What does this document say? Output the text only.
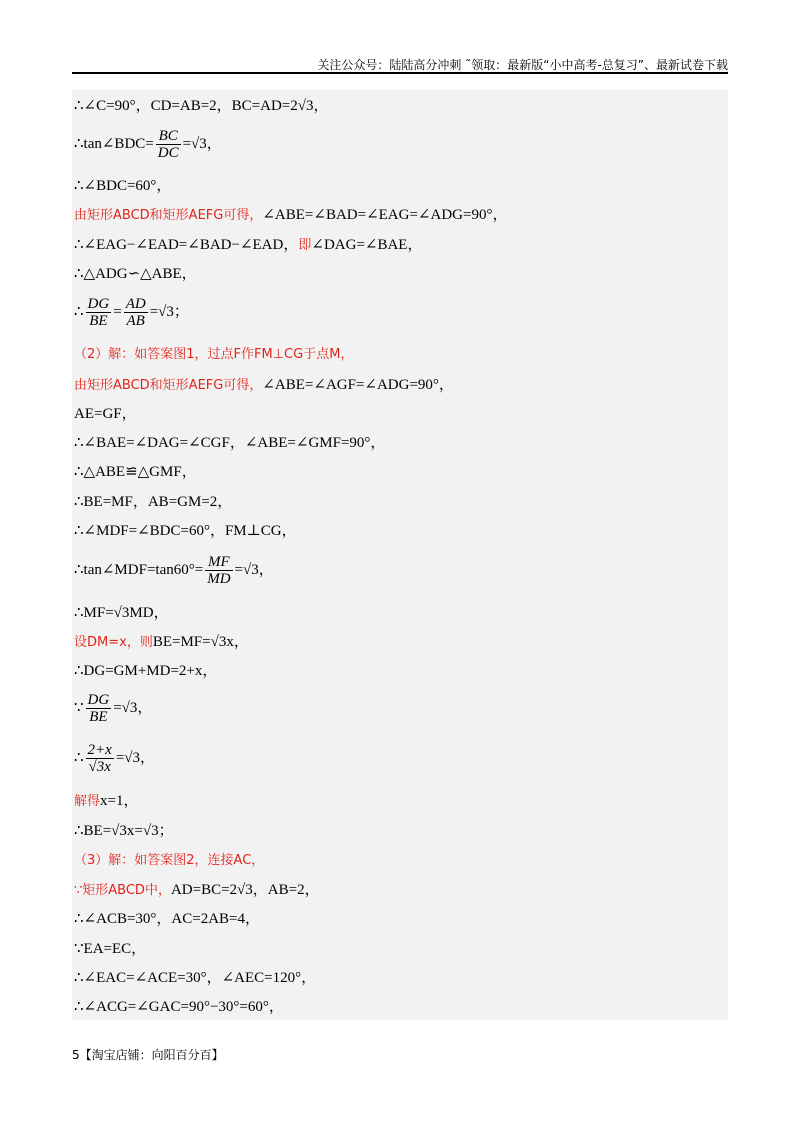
关注公众号：陆陆高分冲刺 ˜领取：最新版“小中高考-总复习”、最新试卷下载
∴∠C=90°，CD=AB=2，BC=AD=2√3，
∴tan∠BDC= $\frac{BC}{DC} =√3$，
∴∠BDC=60°，
由矩形ABCD和矩形AEFG可得，∠ABE=∠BAD=∠EAG=∠ADG=90°，
∴∠EAG−∠EAD=∠BAD−∠EAD，即∠DAG=∠BAE，
∴△ADG∽△ABE，
∴ $\frac{DG}{BE} = \frac{AD}{AB} =√3$；
（2）解：如答案图1，过点F作FM⊥CG于点M，
由矩形ABCD和矩形AEFG可得，∠ABE=∠AGF=∠ADG=90°，
AE=GF，
∴∠BAE=∠DAG=∠CGF，∠ABE=∠GMF=90°，
∴△ABE≌△GMF，
∴BE=MF，AB=GM=2，
∴∠MDF=∠BDC=60°，FM⊥CG，
∴tan∠MDF=tan60°= $\frac{MF}{MD} =√3$，
∴MF=√3MD，
设DM=x，则BE=MF=√3x，
∴DG=GM+MD=2+x，
∵ $\frac{DG}{BE} =√3$，
∴ $\frac{2+x}{√3x} =√3$，
解得x=1，
∴BE=√3x=√3；
（3）解：如答案图2，连接AC，
∵矩形ABCD中，AD=BC=2√3，AB=2，
∴∠ACB=30°，AC=2AB=4，
∵EA=EC，
∴∠EAC=∠ACE=30°，∠AEC=120°，
∴∠ACG=∠GAC=90°−30°=60°，
5【淘宝店铺：向阳百分百】
